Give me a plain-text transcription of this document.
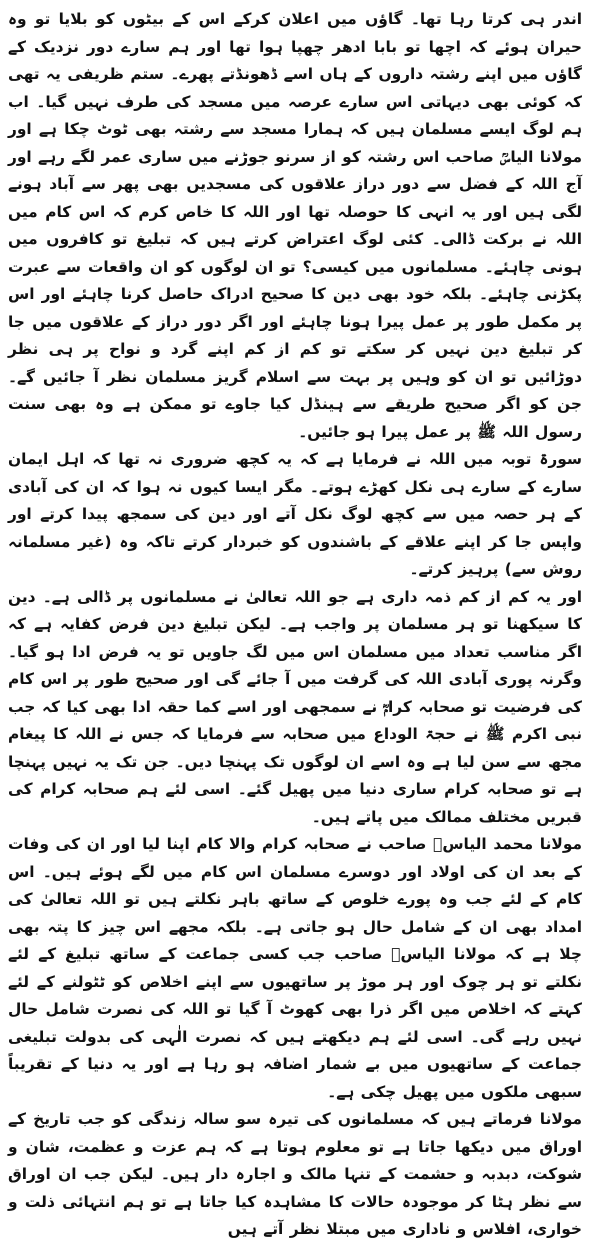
اندر ہی کرتا رہا تھا۔ گاؤں میں اعلان کرکے اس کے بیٹوں کو بلایا تو وہ حیران ہوئے کہ اچھا تو بابا ادھر چھپا ہوا تھا اور ہم سارے دور نزدیک کے گاؤں میں اپنے رشتہ داروں کے ہاں اسے ڈھونڈتے پھرے۔ ستم ظریفی یہ تھی کہ کوئی بھی دیہاتی اس سارے عرصہ میں مسجد کی طرف نہیں گیا۔ اب ہم لوگ ایسے مسلمان ہیں کہ ہمارا مسجد سے رشتہ بھی ٹوٹ چکا ہے اور مولانا الیاسؒ صاحب اس رشتہ کو از سرنو جوڑنے میں ساری عمر لگے رہے اور آج اللہ کے فضل سے دور دراز علاقوں کی مسجدیں بھی پھر سے آباد ہونے لگی ہیں اور یہ انہی کا حوصلہ تھا اور اللہ کا خاص کرم کہ اس کام میں اللہ نے برکت ڈالی۔ کئی لوگ اعتراض کرتے ہیں کہ تبلیغ تو کافروں میں ہونی چاہئے۔ مسلمانوں میں کیسی؟ تو ان لوگوں کو ان واقعات سے عبرت پکڑنی چاہئے۔ بلکہ خود بھی دین کا صحیح ادراک حاصل کرنا چاہئے اور اس پر مکمل طور پر عمل پیرا ہونا چاہئے اور اگر دور دراز کے علاقوں میں جا کر تبلیغ دین نہیں کر سکتے تو کم از کم اپنے گرد و نواح پر ہی نظر دوڑائیں تو ان کو وہیں پر بہت سے اسلام گریز مسلمان نظر آ جائیں گے۔ جن کو اگر صحیح طریقے سے ہینڈل کیا جاوے تو ممکن ہے وہ بھی سنت رسول اللہ ﷺ پر عمل پیرا ہو جائیں۔

سورۃ توبہ میں اللہ نے فرمایا ہے کہ یہ کچھ ضروری نہ تھا کہ اہل ایمان سارے کے سارے ہی نکل کھڑے ہوتے۔ مگر ایسا کیوں نہ ہوا کہ ان کی آبادی کے ہر حصہ میں سے کچھ لوگ نکل آتے اور دین کی سمجھ پیدا کرتے اور واپس جا کر اپنے علاقے کے باشندوں کو خبردار کرتے تاکہ وہ (غیر مسلمانہ روش سے) پرہیز کرتے۔

اور یہ کم از کم ذمہ داری ہے جو اللہ تعالیٰ نے مسلمانوں پر ڈالی ہے۔ دین کا سیکھنا تو ہر مسلمان پر واجب ہے۔ لیکن تبلیغ دین فرض کفایہ ہے کہ اگر مناسب تعداد میں مسلمان اس میں لگ جاویں تو یہ فرض ادا ہو گیا۔ وگرنہ پوری آبادی اللہ کی گرفت میں آ جائے گی اور صحیح طور پر اس کام کی فرضیت تو صحابہ کرامؓ نے سمجھی اور اسے کما حقہ ادا بھی کیا کہ جب نبی اکرم ﷺ نے حجۃ الوداع میں صحابہ سے فرمایا کہ جس نے اللہ کا پیغام مجھ سے سن لیا ہے وہ اسے ان لوگوں تک پہنچا دیں۔ جن تک یہ نہیں پہنچا ہے تو صحابہ کرام ساری دنیا میں پھیل گئے۔ اسی لئے ہم صحابہ کرام کی قبریں مختلف ممالک میں پاتے ہیں۔

مولانا محمد الیاسؒ صاحب نے صحابہ کرام والا کام اپنا لیا اور ان کی وفات کے بعد ان کی اولاد اور دوسرے مسلمان اس کام میں لگے ہوئے ہیں۔ اس کام کے لئے جب وہ پورے خلوص کے ساتھ باہر نکلتے ہیں تو اللہ تعالیٰ کی امداد بھی ان کے شامل حال ہو جاتی ہے۔ بلکہ مجھے اس چیز کا پتہ بھی چلا ہے کہ مولانا الیاسؒ صاحب جب کسی جماعت کے ساتھ تبلیغ کے لئے نکلتے تو ہر چوک اور ہر موڑ پر ساتھیوں سے اپنے اخلاص کو ٹٹولنے کے لئے کہتے کہ اخلاص میں اگر ذرا بھی کھوٹ آ گیا تو اللہ کی نصرت شامل حال نہیں رہے گی۔ اسی لئے ہم دیکھتے ہیں کہ نصرت الٰہی کی بدولت تبلیغی جماعت کے ساتھیوں میں بے شمار اضافہ ہو رہا ہے اور یہ دنیا کے تقریباً سبھی ملکوں میں پھیل چکی ہے۔

مولانا فرماتے ہیں کہ مسلمانوں کی تیرہ سو سالہ زندگی کو جب تاریخ کے اوراق میں دیکھا جاتا ہے تو معلوم ہوتا ہے کہ ہم عزت و عظمت، شان و شوکت، دبدبہ و حشمت کے تنہا مالک و اجارہ دار ہیں۔ لیکن جب ان اوراق سے نظر ہٹا کر موجودہ حالات کا مشاہدہ کیا جاتا ہے تو ہم انتہائی ذلت و خواری، افلاس و ناداری میں مبتلا نظر آتے ہیں
